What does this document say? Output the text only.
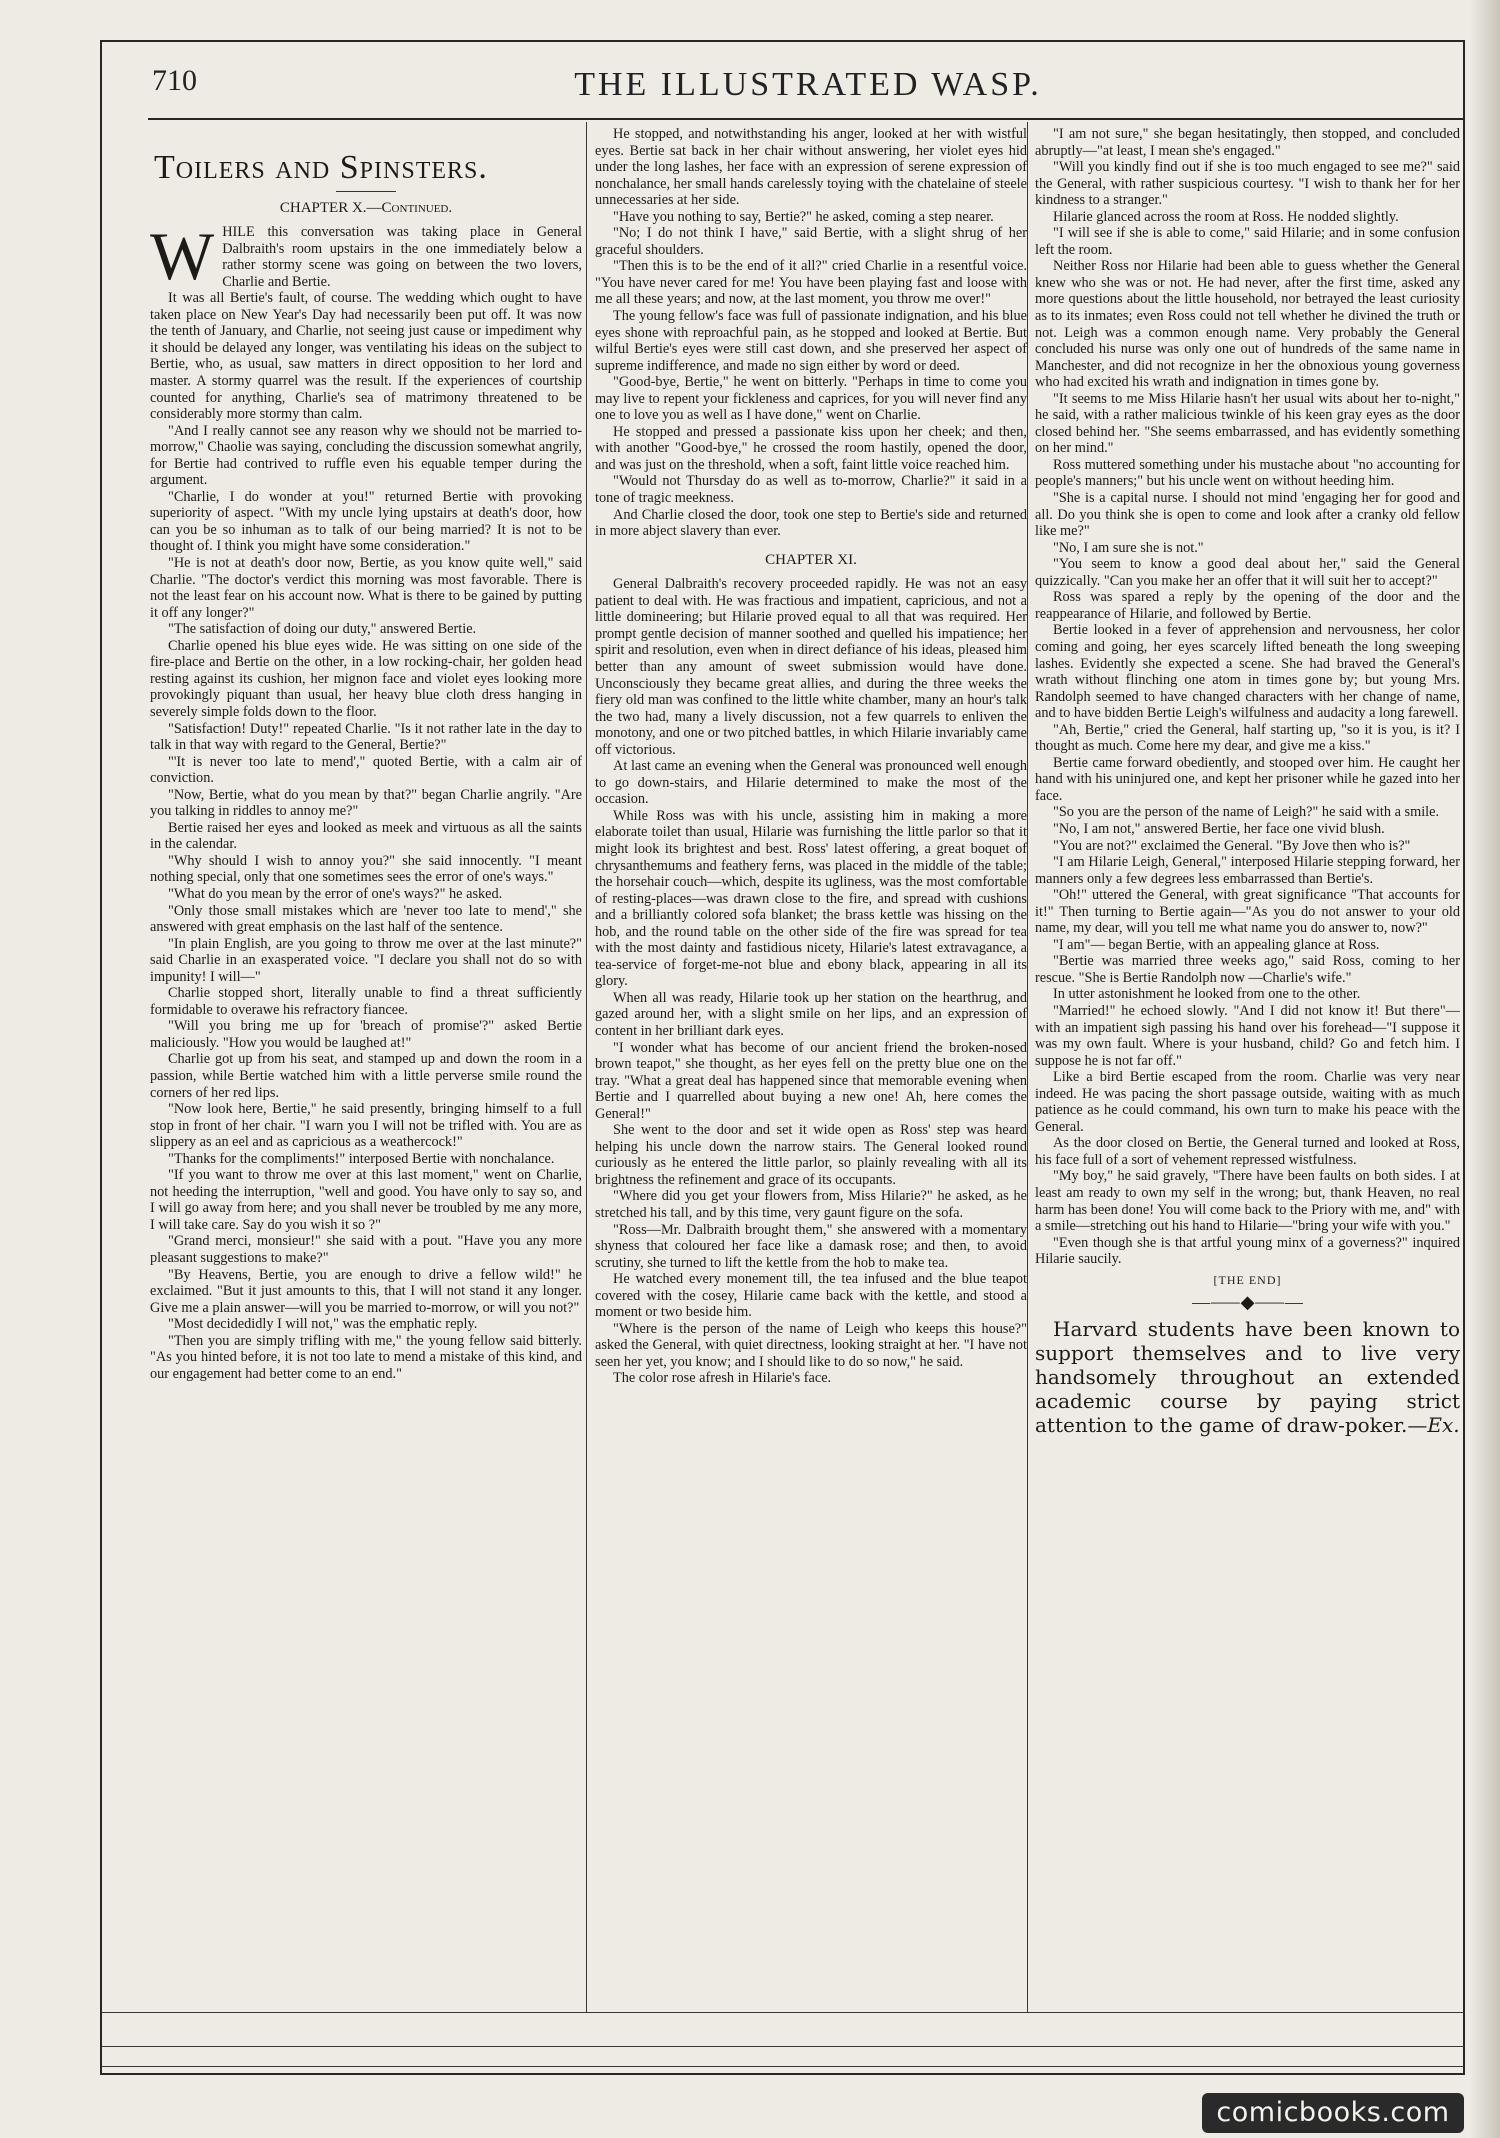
710	THE ILLUSTRATED WASP.
Toilers and Spinsters.
CHAPTER X.—Continued.

WHILE this conversation was taking place in General Dalbraith's room upstairs in the one immediately below a rather stormy scene was going on between the two lovers, Charlie and Bertie.

It was all Bertie's fault, of course. The wedding which ought to have taken place on New Year's Day had necessarily been put off. It was now the tenth of January, and Charlie, not seeing just cause or impediment why it should be delayed any longer, was ventilating his ideas on the subject to Bertie, who, as usual, saw matters in direct opposition to her lord and master. A stormy quarrel was the result. If the experiences of courtship counted for anything, Charlie's sea of matrimony threatened to be considerably more stormy than calm.

"And I really cannot see any reason why we should not be married to-morrow," Chaolie was saying, concluding the discussion somewhat angrily, for Bertie had contrived to ruffle even his equable temper during the argument.

"Charlie, I do wonder at you!" returned Bertie with provoking superiority of aspect. "With my uncle lying upstairs at death's door, how can you be so inhuman as to talk of our being married? It is not to be thought of. I think you might have some consideration."

"He is not at death's door now, Bertie, as you know quite well," said Charlie. "The doctor's verdict this morning was most favorable. There is not the least fear on his account now. What is there to be gained by putting it off any longer?"

"The satisfaction of doing our duty," answered Bertie.

Charlie opened his blue eyes wide. He was sitting on one side of the fire-place and Bertie on the other, in a low rocking-chair, her golden head resting against its cushion, her mignon face and violet eyes looking more provokingly piquant than usual, her heavy blue cloth dress hanging in severely simple folds down to the floor.

"Satisfaction! Duty!" repeated Charlie. "Is it not rather late in the day to talk in that way with regard to the General, Bertie?"

"'It is never too late to mend'," quoted Bertie, with a calm air of conviction.

"Now, Bertie, what do you mean by that?" began Charlie angrily. "Are you talking in riddles to annoy me?"

Bertie raised her eyes and looked as meek and virtuous as all the saints in the calendar.

"Why should I wish to annoy you?" she said innocently. "I meant nothing special, only that one sometimes sees the error of one's ways."

"What do you mean by the error of one's ways?" he asked.

"Only those small mistakes which are 'never too late to mend'," she answered with great emphasis on the last half of the sentence.

"In plain English, are you going to throw me over at the last minute?" said Charlie in an exasperated voice. "I declare you shall not do so with impunity! I will—"

Charlie stopped short, literally unable to find a threat sufficiently formidable to overawe his refractory fiancee.

"Will you bring me up for 'breach of promise'?" asked Bertie maliciously. "How you would be laughed at!"

Charlie got up from his seat, and stamped up and down the room in a passion, while Bertie watched him with a little perverse smile round the corners of her red lips.

"Now look here, Bertie," he said presently, bringing himself to a full stop in front of her chair. "I warn you I will not be trifled with. You are as slippery as an eel and as capricious as a weathercock!"

"Thanks for the compliments!" interposed Bertie with nonchalance.

"If you want to throw me over at this last moment," went on Charlie, not heeding the interruption, "well and good. You have only to say so, and I will go away from here; and you shall never be troubled by me any more, I will take care. Say do you wish it so ?"

"Grand merci, monsieur!" she said with a pout. "Have you any more pleasant suggestions to make?"

"By Heavens, Bertie, you are enough to drive a fellow wild!" he exclaimed. "But it just amounts to this, that I will not stand it any longer. Give me a plain answer—will you be married to-morrow, or will you not?"

"Most decidedidly I will not," was the emphatic reply.

"Then you are simply trifling with me," the young fellow said bitterly. "As you hinted before, it is not too late to mend a mistake of this kind, and our engagement had better come to an end."

He stopped, and notwithstanding his anger, looked at her with wistful eyes. Bertie sat back in her chair without answering, her violet eyes hid under the long lashes, her face with an expression of serene expression of nonchalance, her small hands carelessly toying with the chatelaine of steele unnecessaries at her side.

"Have you nothing to say, Bertie?" he asked, coming a step nearer.

"No; I do not think I have," said Bertie, with a slight shrug of her graceful shoulders.

"Then this is to be the end of it all?" cried Charlie in a resentful voice. "You have never cared for me! You have been playing fast and loose with me all these years; and now, at the last moment, you throw me over!"

The young fellow's face was full of passionate indignation, and his blue eyes shone with reproachful pain, as he stopped and looked at Bertie. But wilful Bertie's eyes were still cast down, and she preserved her aspect of supreme indifference, and made no sign either by word or deed.

"Good-bye, Bertie," he went on bitterly. "Perhaps in time to come you may live to repent your fickleness and caprices, for you will never find any one to love you as well as I have done," went on Charlie.

He stopped and pressed a passionate kiss upon her cheek; and then, with another "Good-bye," he crossed the room hastily, opened the door, and was just on the threshold, when a soft, faint little voice reached him.

"Would not Thursday do as well as to-morrow, Charlie?" it said in a tone of tragic meekness.

And Charlie closed the door, took one step to Bertie's side and returned in more abject slavery than ever.

CHAPTER XI.

General Dalbraith's recovery proceeded rapidly. He was not an easy patient to deal with. He was fractious and impatient, capricious, and not a little domineering; but Hilarie proved equal to all that was required. Her prompt gentle decision of manner soothed and quelled his impatience; her spirit and resolution, even when in direct defiance of his ideas, pleased him better than any amount of sweet submission would have done. Unconsciously they became great allies, and during the three weeks the fiery old man was confined to the little white chamber, many an hour's talk the two had, many a lively discussion, not a few quarrels to enliven the monotony, and one or two pitched battles, in which Hilarie invariably came off victorious.

At last came an evening when the General was pronounced well enough to go down-stairs, and Hilarie determined to make the most of the occasion.

While Ross was with his uncle, assisting him in making a more elaborate toilet than usual, Hilarie was furnishing the little parlor so that it might look its brightest and best. Ross' latest offering, a great boquet of chrysanthemums and feathery ferns, was placed in the middle of the table; the horsehair couch—which, despite its ugliness, was the most comfortable of resting-places—was drawn close to the fire, and spread with cushions and a brilliantly colored sofa blanket; the brass kettle was hissing on the hob, and the round table on the other side of the fire was spread for tea with the most dainty and fastidious nicety, Hilarie's latest extravagance, a tea-service of forget-me-not blue and ebony black, appearing in all its glory.

When all was ready, Hilarie took up her station on the hearthrug, and gazed around her, with a slight smile on her lips, and an expression of content in her brilliant dark eyes.

"I wonder what has become of our ancient friend the broken-nosed brown teapot," she thought, as her eyes fell on the pretty blue one on the tray. "What a great deal has happened since that memorable evening when Bertie and I quarrelled about buying a new one! Ah, here comes the General!"

She went to the door and set it wide open as Ross' step was heard helping his uncle down the narrow stairs. The General looked round curiously as he entered the little parlor, so plainly revealing with all its brightness the refinement and grace of its occupants.

"Where did you get your flowers from, Miss Hilarie?" he asked, as he stretched his tall, and by this time, very gaunt figure on the sofa.

"Ross—Mr. Dalbraith brought them," she answered with a momentary shyness that coloured her face like a damask rose; and then, to avoid scrutiny, she turned to lift the kettle from the hob to make tea.

He watched every monement till, the tea infused and the blue teapot covered with the cosey, Hilarie came back with the kettle, and stood a moment or two beside him.

"Where is the person of the name of Leigh who keeps this house?" asked the General, with quiet directness, looking straight at her. "I have not seen her yet, you know; and I should like to do so now," he said.

The color rose afresh in Hilarie's face.

"I am not sure," she began hesitatingly, then stopped, and concluded abruptly—"at least, I mean she's engaged."

"Will you kindly find out if she is too much engaged to see me?" said the General, with rather suspicious courtesy. "I wish to thank her for her kindness to a stranger."

Hilarie glanced across the room at Ross. He nodded slightly.

"I will see if she is able to come," said Hilarie; and in some confusion left the room.

Neither Ross nor Hilarie had been able to guess whether the General knew who she was or not. He had never, after the first time, asked any more questions about the little household, nor betrayed the least curiosity as to its inmates; even Ross could not tell whether he divined the truth or not. Leigh was a common enough name. Very probably the General concluded his nurse was only one out of hundreds of the same name in Manchester, and did not recognize in her the obnoxious young governess who had excited his wrath and indignation in times gone by.

"It seems to me Miss Hilarie hasn't her usual wits about her to-night," he said, with a rather malicious twinkle of his keen gray eyes as the door closed behind her. "She seems embarrassed, and has evidently something on her mind."

Ross muttered something under his mustache about "no accounting for people's manners;" but his uncle went on without heeding him.

"She is a capital nurse. I should not mind 'engaging her for good and all. Do you think she is open to come and look after a cranky old fellow like me?"

"No, I am sure she is not."

"You seem to know a good deal about her," said the General quizzically. "Can you make her an offer that it will suit her to accept?"

Ross was spared a reply by the opening of the door and the reappearance of Hilarie, and followed by Bertie.

Bertie looked in a fever of apprehension and nervousness, her color coming and going, her eyes scarcely lifted beneath the long sweeping lashes. Evidently she expected a scene. She had braved the General's wrath without flinching one atom in times gone by; but young Mrs. Randolph seemed to have changed characters with her change of name, and to have bidden Bertie Leigh's wilfulness and audacity a long farewell.

"Ah, Bertie," cried the General, half starting up, "so it is you, is it? I thought as much. Come here my dear, and give me a kiss."

Bertie came forward obediently, and stooped over him. He caught her hand with his uninjured one, and kept her prisoner while he gazed into her face.

"So you are the person of the name of Leigh?" he said with a smile.

"No, I am not," answered Bertie, her face one vivid blush.

"You are not?" exclaimed the General. "By Jove then who is?"

"I am Hilarie Leigh, General," interposed Hilarie stepping forward, her manners only a few degrees less embarrassed than Bertie's.

"Oh!" uttered the General, with great significance "That accounts for it!" Then turning to Bertie again—"As you do not answer to your old name, my dear, will you tell me what name you do answer to, now?"

"I am"— began Bertie, with an appealing glance at Ross.

"Bertie was married three weeks ago," said Ross, coming to her rescue. "She is Bertie Randolph now —Charlie's wife."

In utter astonishment he looked from one to the other.

"Married!" he echoed slowly. "And I did not know it! But there"—with an impatient sigh passing his hand over his forehead—"I suppose it was my own fault. Where is your husband, child? Go and fetch him. I suppose he is not far off."

Like a bird Bertie escaped from the room. Charlie was very near indeed. He was pacing the short passage outside, waiting with as much patience as he could command, his own turn to make his peace with the General.

As the door closed on Bertie, the General turned and looked at Ross, his face full of a sort of vehement repressed wistfulness.

"My boy," he said gravely, "There have been faults on both sides. I at least am ready to own my self in the wrong; but, thank Heaven, no real harm has been done! You will come back to the Priory with me, and" with a smile—stretching out his hand to Hilarie—"bring your wife with you."

"Even though she is that artful young minx of a governess?" inquired Hilarie saucily.

[THE END]
—⸺◆⸺—

Harvard students have been known to support themselves and to live very handsomely throughout an extended academic course by paying strict attention to the game of draw-poker.—Ex.

comicbooks.com
